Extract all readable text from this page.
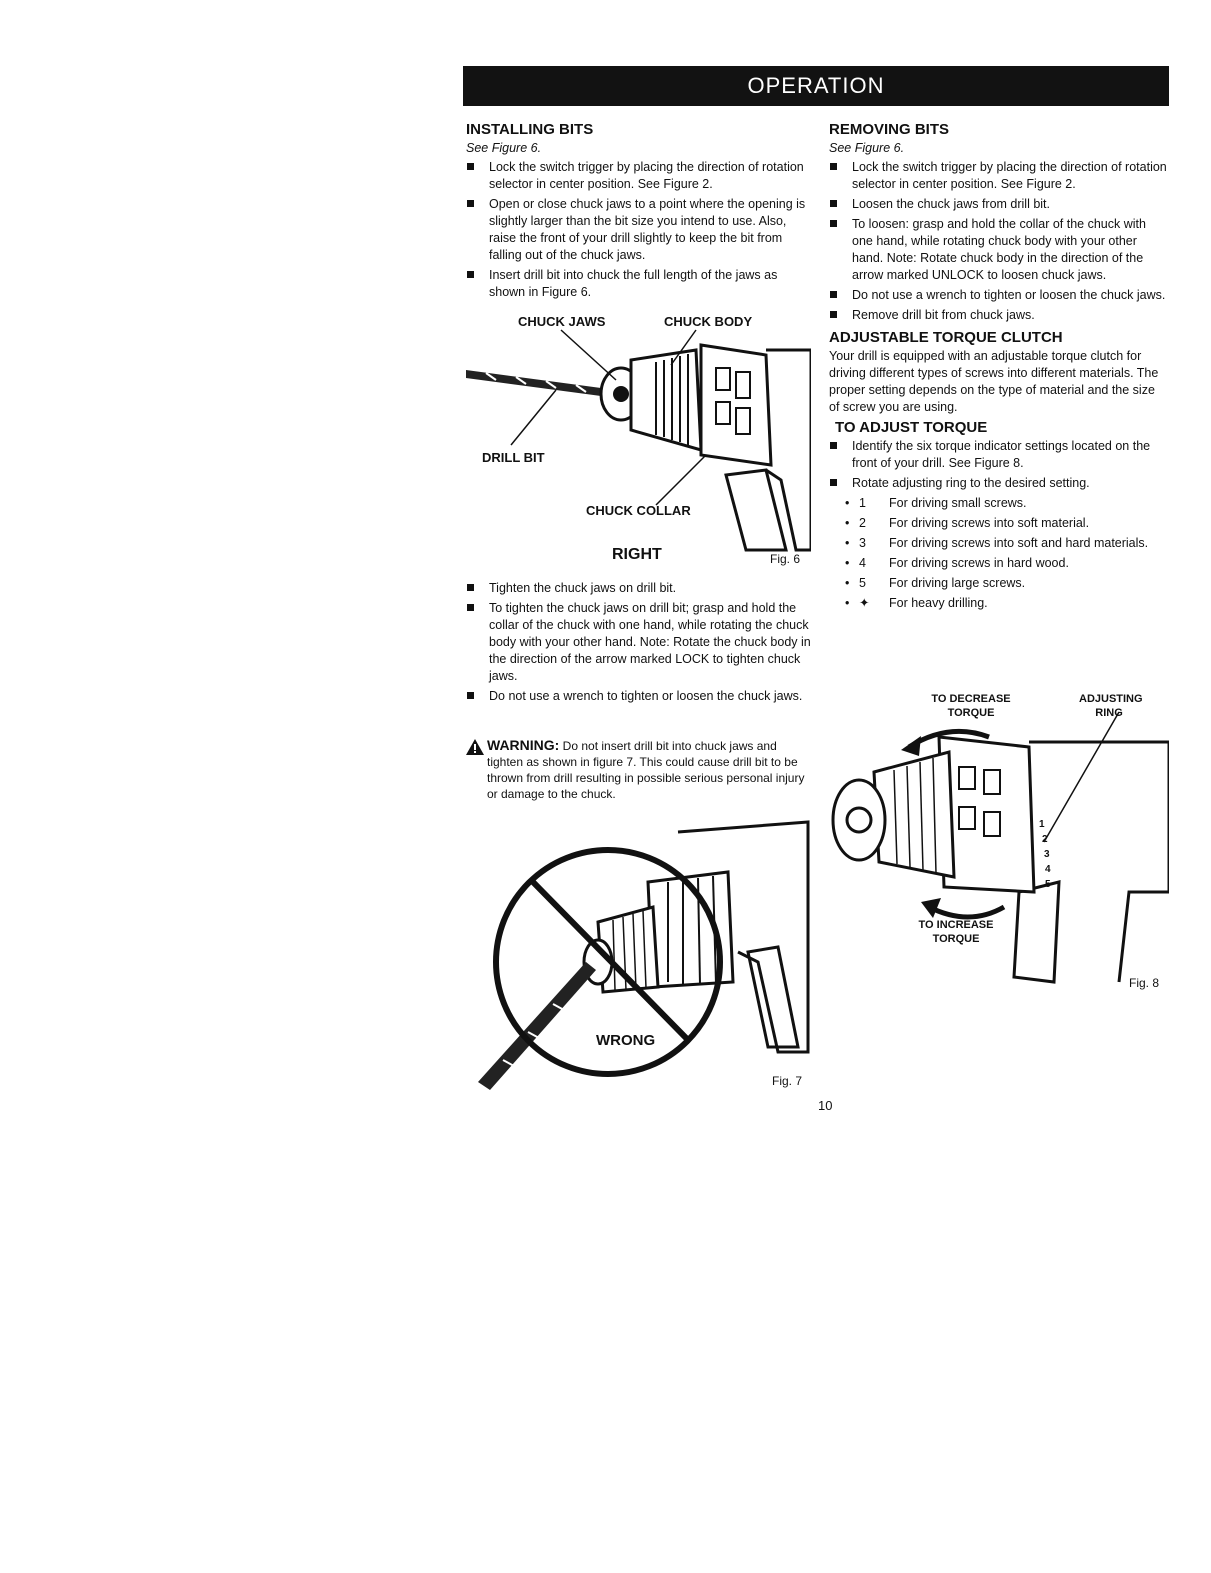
OPERATION
INSTALLING BITS

See Figure 6.

Lock the switch trigger by placing the direction of rotation selector in center position. See Figure 2.
Open or close chuck jaws to a point where the opening is slightly larger than the bit size you intend to use. Also, raise the front of your drill slightly to keep the bit from falling out of the chuck jaws.
Insert drill bit into chuck the full length of the jaws as shown in Figure 6.
CHUCK JAWS	CHUCK BODY
DRILL BIT
CHUCK COLLAR
RIGHT	Fig. 6
Tighten the chuck jaws on drill bit.
To tighten the chuck jaws on drill bit; grasp and hold the collar of the chuck with one hand, while rotating the chuck body with your other hand. Note: Rotate the chuck body in the direction of the arrow marked LOCK to tighten chuck jaws.
Do not use a wrench to tighten or loosen the chuck jaws.
WARNING: Do not insert drill bit into chuck jaws and tighten as shown in figure 7. This could cause drill bit to be thrown from drill resulting in possible serious personal injury or damage to the chuck.
WRONG
Fig. 7
REMOVING BITS

See Figure 6.

Lock the switch trigger by placing the direction of rotation selector in center position. See Figure 2.
Loosen the chuck jaws from drill bit.
To loosen: grasp and hold the collar of the chuck with one hand, while rotating chuck body with your other hand. Note: Rotate chuck body in the direction of the arrow marked UNLOCK to loosen chuck jaws.
Do not use a wrench to tighten or loosen the chuck jaws.
Remove drill bit from chuck jaws.
ADJUSTABLE TORQUE CLUTCH

Your drill is equipped with an adjustable torque clutch for driving different types of screws into different materials. The proper setting depends on the type of material and the size of screw you are using.

TO ADJUST TORQUE
Identify the six torque indicator settings located on the front of your drill. See Figure 8.
Rotate adjusting ring to the desired setting.
• 1	For driving small screws.
• 2	For driving screws into soft material.
• 3	For driving screws into soft and hard materials.
• 4	For driving screws in hard wood.
• 5	For driving large screws.
• ✦	For heavy drilling.
1
2
3
4
5
TO DECREASE TORQUE
ADJUSTING RING
TO INCREASE TORQUE
Fig. 8
10
